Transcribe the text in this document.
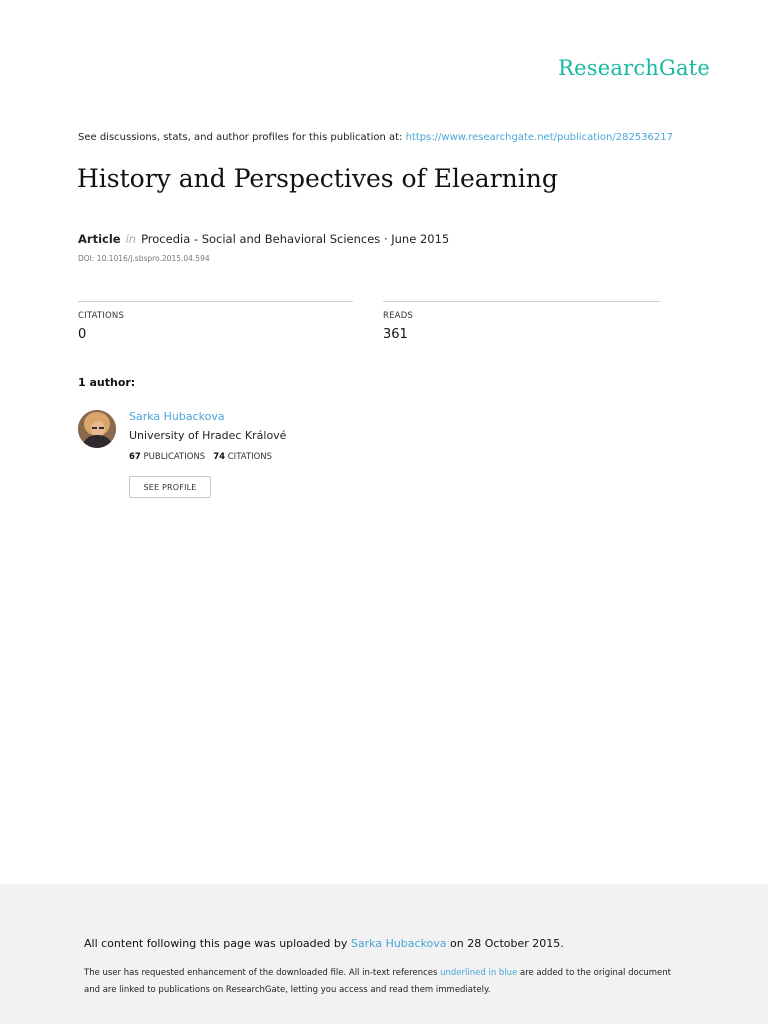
ResearchGate
See discussions, stats, and author profiles for this publication at: https://www.researchgate.net/publication/282536217
History and Perspectives of Elearning
Article in Procedia - Social and Behavioral Sciences · June 2015
DOI: 10.1016/j.sbspro.2015.04.594
CITATIONS
0
READS
361
1 author:
Sarka Hubackova
University of Hradec Králové
67 PUBLICATIONS 74 CITATIONS
SEE PROFILE
All content following this page was uploaded by Sarka Hubackova on 28 October 2015.
The user has requested enhancement of the downloaded file. All in-text references underlined in blue are added to the original document
and are linked to publications on ResearchGate, letting you access and read them immediately.
